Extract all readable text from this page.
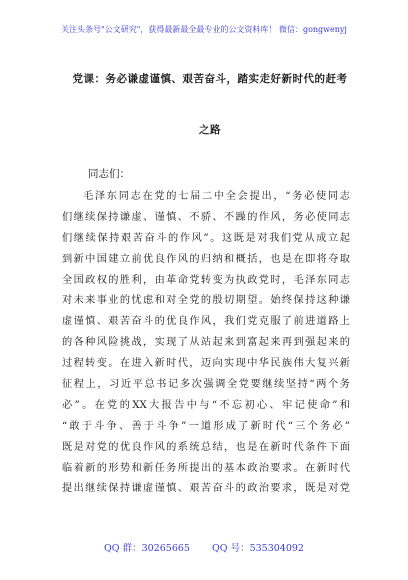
关注头条号"公文研究"，获得最新最全最专业的公文资料库！ 微信：gongwenyj
党课：务必谦虚谨慎、艰苦奋斗，踏实走好新时代的赶考
之路
同志们：
毛泽东同志在党的七届二中全会提出，“务必使同志
们继续保持谦虚、谨慎、不骄、不躁的作风，务必使同志
们继续保持艰苦奋斗的作风”。这既是对我们党从成立起
到新中国建立前优良作风的归纳和概括，也是在即将夺取
全国政权的胜利，由革命党转变为执政党时，毛泽东同志
对未来事业的忧虑和对全党的殷切期望。始终保持这种谦
虚谨慎、艰苦奋斗的优良作风，我们党克服了前进道路上
的各种风险挑战，实现了从站起来到富起来再到强起来的
过程转变。在进入新时代，迈向实现中华民族伟大复兴新
征程上，习近平总书记多次强调全党要继续坚持“两个务
必”。在党的XX大报告中与“不忘初心、牢记使命”和
“敢于斗争、善于斗争”一道形成了新时代“三个务必”
既是对党的优良作风的系统总结，也是在新时代条件下面
临着新的形势和新任务所提出的基本政治要求。在新时代
提出继续保持谦虚谨慎、艰苦奋斗的政治要求，既是对党
QQ 群：30265665 QQ 号：535304092
